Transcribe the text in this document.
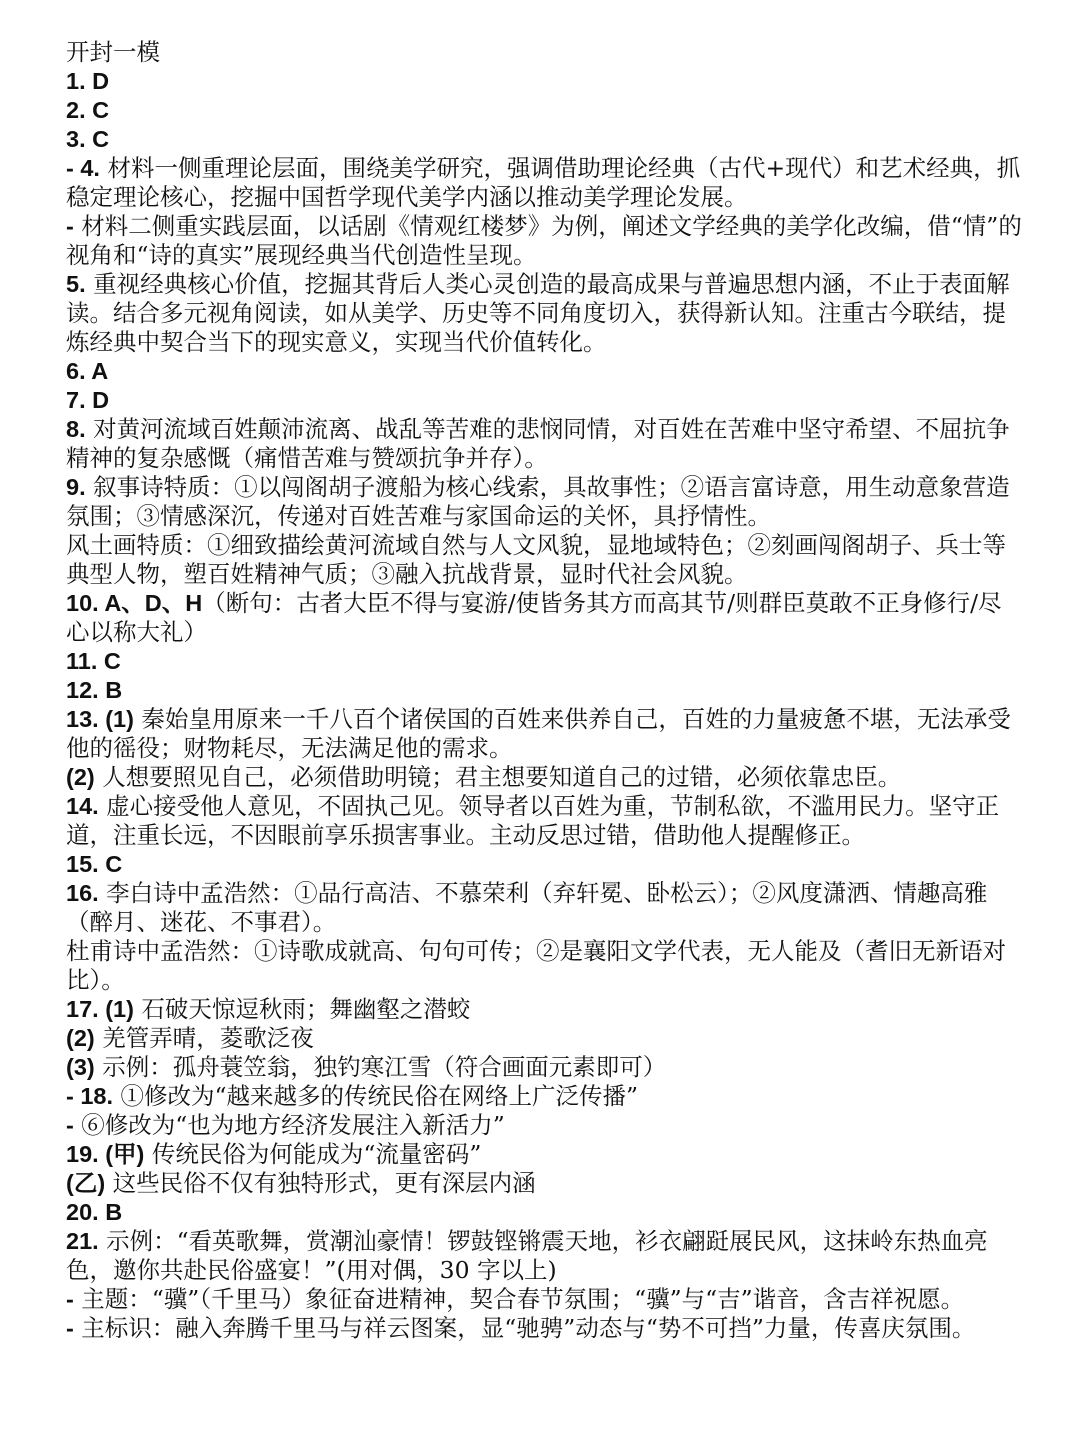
开封一模

1. D

2. C

3. C

- 4. 材料一侧重理论层面，围绕美学研究，强调借助理论经典（古代+现代）和艺术经典，抓稳定理论核心，挖掘中国哲学现代美学内涵以推动美学理论发展。

- 材料二侧重实践层面，以话剧《情观红楼梦》为例，阐述文学经典的美学化改编，借“情”的视角和“诗的真实”展现经典当代创造性呈现。

5. 重视经典核心价值，挖掘其背后人类心灵创造的最高成果与普遍思想内涵，不止于表面解读。结合多元视角阅读，如从美学、历史等不同角度切入，获得新认知。注重古今联结，提炼经典中契合当下的现实意义，实现当代价值转化。

6. A

7. D

8. 对黄河流域百姓颠沛流离、战乱等苦难的悲悯同情，对百姓在苦难中坚守希望、不屈抗争精神的复杂感慨（痛惜苦难与赞颂抗争并存）。

9. 叙事诗特质：①以闯阁胡子渡船为核心线索，具故事性；②语言富诗意，用生动意象营造氛围；③情感深沉，传递对百姓苦难与家国命运的关怀，具抒情性。

风土画特质：①细致描绘黄河流域自然与人文风貌，显地域特色；②刻画闯阁胡子、兵士等典型人物，塑百姓精神气质；③融入抗战背景，显时代社会风貌。

10. A、D、H（断句：古者大臣不得与宴游/使皆务其方而高其节/则群臣莫敢不正身修行/尽心以称大礼）

11. C

12. B

13. (1) 秦始皇用原来一千八百个诸侯国的百姓来供养自己，百姓的力量疲惫不堪，无法承受他的徭役；财物耗尽，无法满足他的需求。

(2) 人想要照见自己，必须借助明镜；君主想要知道自己的过错，必须依靠忠臣。

14. 虚心接受他人意见，不固执己见。领导者以百姓为重，节制私欲，不滥用民力。坚守正道，注重长远，不因眼前享乐损害事业。主动反思过错，借助他人提醒修正。

15. C

16. 李白诗中孟浩然：①品行高洁、不慕荣利（弃轩冕、卧松云）；②风度潇洒、情趣高雅（醉月、迷花、不事君）。

杜甫诗中孟浩然：①诗歌成就高、句句可传；②是襄阳文学代表，无人能及（耆旧无新语对比）。

17. (1) 石破天惊逗秋雨；舞幽壑之潜蛟

(2) 羌管弄晴，菱歌泛夜

(3) 示例：孤舟蓑笠翁，独钓寒江雪（符合画面元素即可）

- 18. ①修改为“越来越多的传统民俗在网络上广泛传播”

- ⑥修改为“也为地方经济发展注入新活力”

19. (甲) 传统民俗为何能成为“流量密码”

(乙) 这些民俗不仅有独特形式，更有深层内涵

20. B

21. 示例：“看英歌舞，赏潮汕豪情！锣鼓铿锵震天地，衫衣翩跹展民风，这抹岭东热血亮色，邀你共赴民俗盛宴！”(用对偶，30 字以上)

- 主题：“骥”（千里马）象征奋进精神，契合春节氛围；“骥”与“吉”谐音，含吉祥祝愿。

- 主标识：融入奔腾千里马与祥云图案，显“驰骋”动态与“势不可挡”力量，传喜庆氛围。
